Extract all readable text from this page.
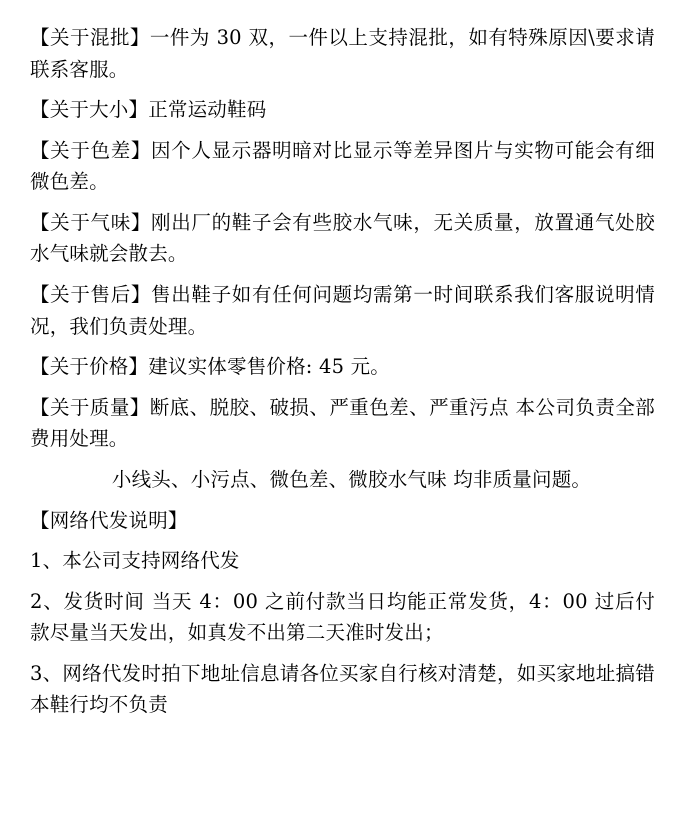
【关于混批】一件为 30 双，一件以上支持混批，如有特殊原因\要求请联系客服。

【关于大小】正常运动鞋码

【关于色差】因个人显示器明暗对比显示等差异图片与实物可能会有细微色差。

【关于气味】刚出厂的鞋子会有些胶水气味，无关质量，放置通气处胶水气味就会散去。

【关于售后】售出鞋子如有任何问题均需第一时间联系我们客服说明情况，我们负责处理。

【关于价格】建议实体零售价格: 45 元。

【关于质量】断底、脱胶、破损、严重色差、严重污点 本公司负责全部费用处理。

小线头、小污点、微色差、微胶水气味 均非质量问题。

【网络代发说明】

1、本公司支持网络代发

2、发货时间 当天 4：00 之前付款当日均能正常发货，4：00 过后付款尽量当天发出，如真发不出第二天准时发出；

3、网络代发时拍下地址信息请各位买家自行核对清楚，如买家地址搞错本鞋行均不负责
